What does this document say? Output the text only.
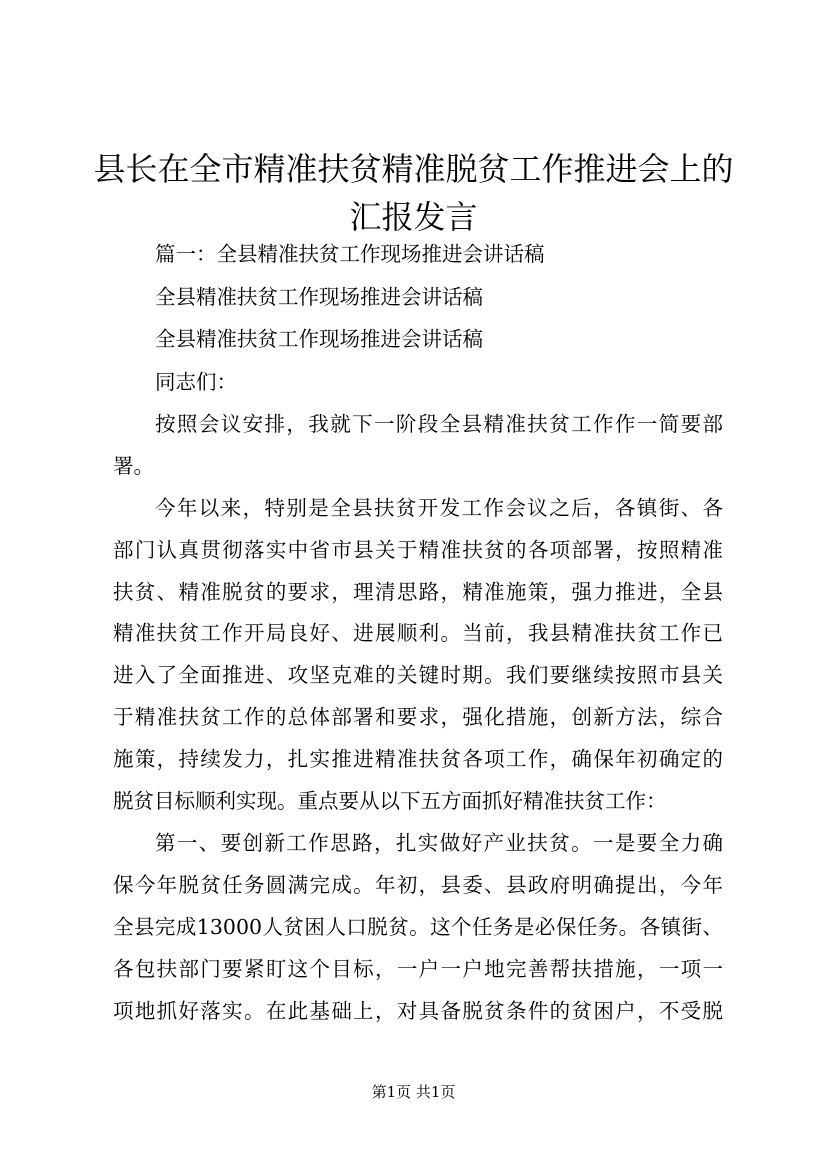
县长在全市精准扶贫精准脱贫工作推进会上的
汇报发言

篇一：全县精准扶贫工作现场推进会讲话稿

全县精准扶贫工作现场推进会讲话稿

全县精准扶贫工作现场推进会讲话稿

同志们：

按照会议安排，我就下一阶段全县精准扶贫工作作一简要部

署。

今年以来，特别是全县扶贫开发工作会议之后，各镇街、各

部门认真贯彻落实中省市县关于精准扶贫的各项部署，按照精准

扶贫、精准脱贫的要求，理清思路，精准施策，强力推进，全县

精准扶贫工作开局良好、进展顺利。当前，我县精准扶贫工作已

进入了全面推进、攻坚克难的关键时期。我们要继续按照市县关

于精准扶贫工作的总体部署和要求，强化措施，创新方法，综合

施策，持续发力，扎实推进精准扶贫各项工作，确保年初确定的

脱贫目标顺利实现。重点要从以下五方面抓好精准扶贫工作：

第一、要创新工作思路，扎实做好产业扶贫。一是要全力确

保今年脱贫任务圆满完成。年初，县委、县政府明确提出，今年

全县完成13000人贫困人口脱贫。这个任务是必保任务。各镇街、

各包扶部门要紧盯这个目标，一户一户地完善帮扶措施，一项一

项地抓好落实。在此基础上，对具备脱贫条件的贫困户，不受脱

第1页 共1页
